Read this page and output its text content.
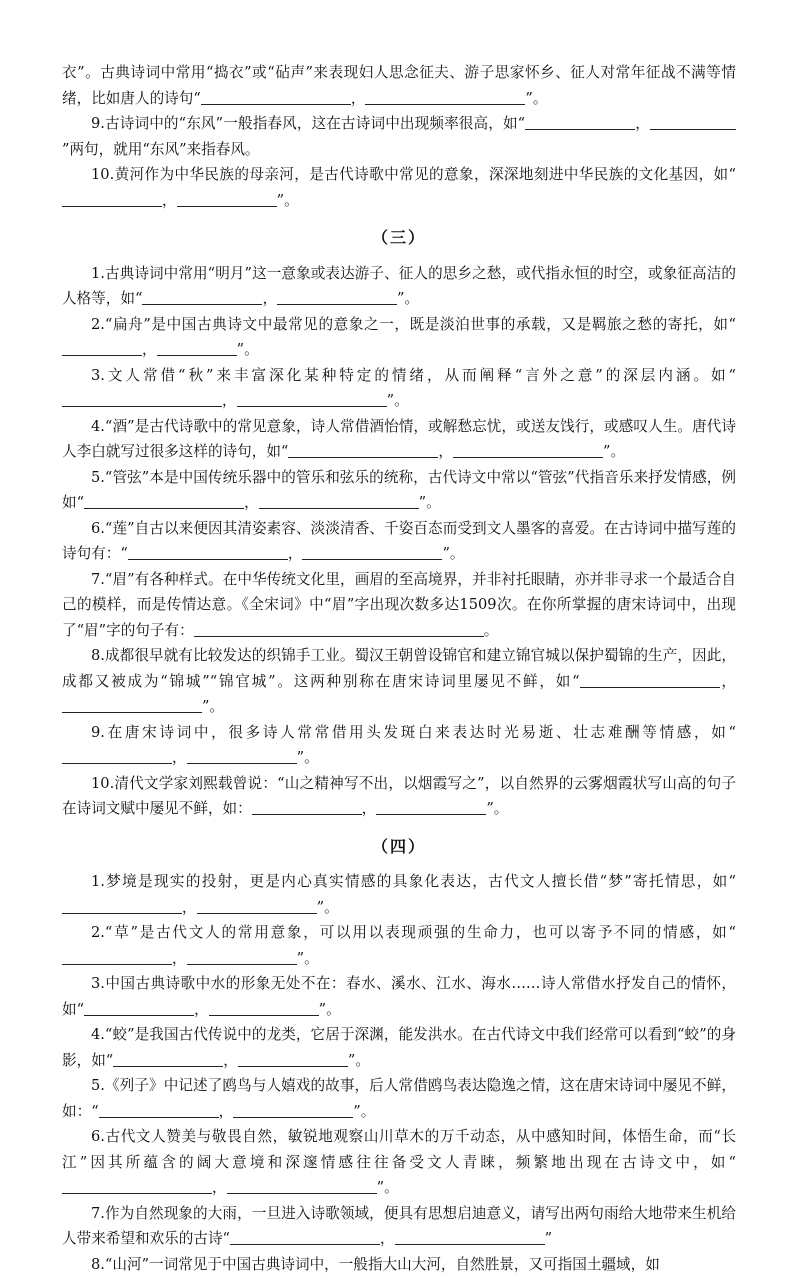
衣”。古典诗词中常用“捣衣”或“砧声”来表现妇人思念征夫、游子思家怀乡、征人对常年征战不满等情绪，比如唐人的诗句“	，	”。
9.古诗词中的“东风”一般指春风，这在古诗词中出现频率很高，如“	，”两句，就用“东风”来指春风。
10.黄河作为中华民族的母亲河，是古代诗歌中常见的意象，深深地刻进中华民族的文化基因，如“，	”。
（三）
1.古典诗词中常用“明月”这一意象或表达游子、征人的思乡之愁，或代指永恒的时空，或象征高洁的人格等，如“	，	”。
2.“扁舟”是中国古典诗文中最常见的意象之一，既是淡泊世事的承载，又是羁旅之愁的寄托，如“，	”。
3.文人常借“秋”来丰富深化某种特定的情绪，从而阐释“言外之意”的深层内涵。如“，	”。
4.“酒”是古代诗歌中的常见意象，诗人常借酒怡情，或解愁忘忧，或送友饯行，或感叹人生。唐代诗人李白就写过很多这样的诗句，如“	，	”。
5.“管弦”本是中国传统乐器中的管乐和弦乐的统称，古代诗文中常以“管弦”代指音乐来抒发情感，例如“	，	”。
6.“莲”自古以来便因其清姿素容、淡淡清香、千姿百态而受到文人墨客的喜爱。在古诗词中描写莲的诗句有：“	，	”。
7.“眉”有各种样式。在中华传统文化里，画眉的至高境界，并非衬托眼睛，亦并非寻求一个最适合自己的模样，而是传情达意。《全宋词》中“眉”字出现次数多达1509次。在你所掌握的唐宋诗词中，出现了“眉”字的句子有：	。
8.成都很早就有比较发达的织锦手工业。蜀汉王朝曾设锦官和建立锦官城以保护蜀锦的生产，因此，成都又被成为“锦城”“锦官城”。这两种别称在唐宋诗词里屡见不鲜，如“	，”。
9.在唐宋诗词中，很多诗人常常借用头发斑白来表达时光易逝、壮志难酬等情感，如“，	”。
10.清代文学家刘熙载曾说：“山之精神写不出，以烟霞写之”，以自然界的云雾烟霞状写山高的句子在诗词文赋中屡见不鲜，如：	，	”。
（四）
1.梦境是现实的投射，更是内心真实情感的具象化表达，古代文人擅长借“梦”寄托情思，如“，	”。
2.“草”是古代文人的常用意象，可以用以表现顽强的生命力，也可以寄予不同的情感，如“，	”。
3.中国古典诗歌中水的形象无处不在：春水、溪水、江水、海水……诗人常借水抒发自己的情怀，如“	，	”。
4.“蛟”是我国古代传说中的龙类，它居于深渊，能发洪水。在古代诗文中我们经常可以看到“蛟”的身影，如“	，	”。
5.《列子》中记述了鸥鸟与人嬉戏的故事，后人常借鸥鸟表达隐逸之情，这在唐宋诗词中屡见不鲜，如：“	，	”。
6.古代文人赞美与敬畏自然，敏锐地观察山川草木的万千动态，从中感知时间，体悟生命，而“长江”因其所蕴含的阔大意境和深邃情感往往备受文人青睐，频繁地出现在古诗文中，如“，	”。
7.作为自然现象的大雨，一旦进入诗歌领域，便具有思想启迪意义，请写出两句雨给大地带来生机给人带来希望和欢乐的古诗“	，	”
8.“山河”一词常见于中国古典诗词中，一般指大山大河，自然胜景，又可指国土疆域，如
